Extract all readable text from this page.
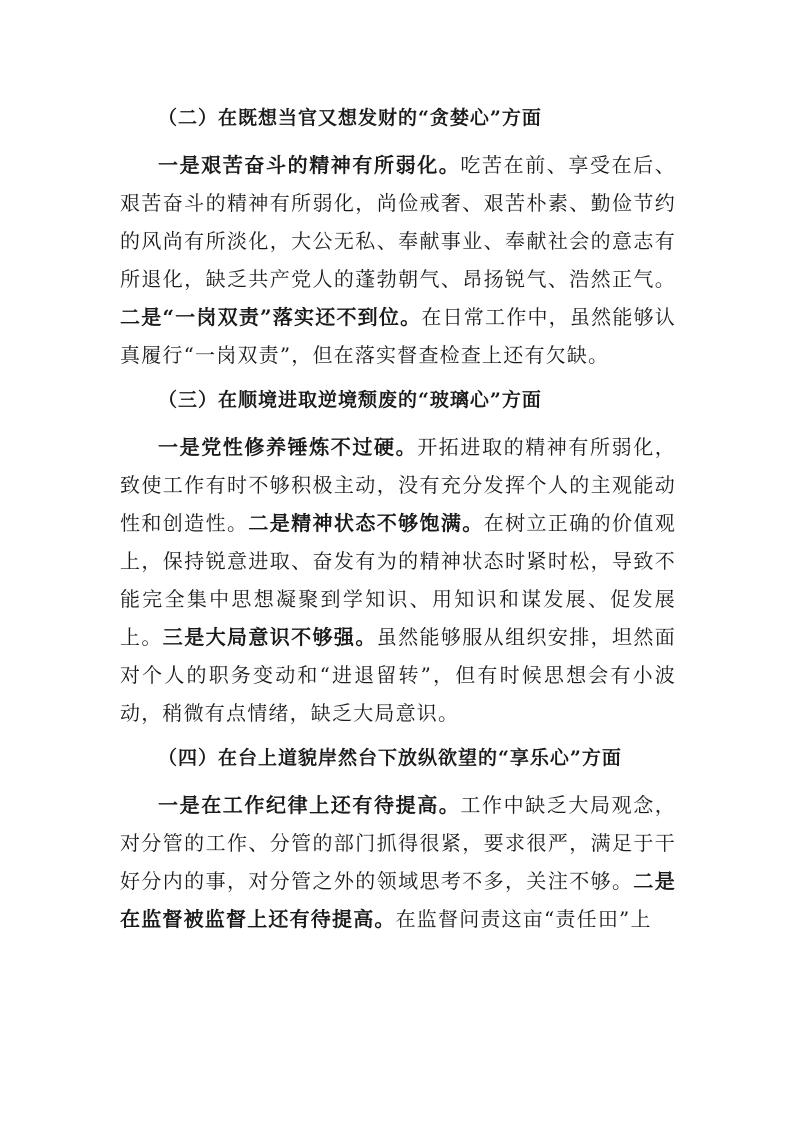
（二）在既想当官又想发财的“贪婪心”方面

一是艰苦奋斗的精神有所弱化。吃苦在前、享受在后、艰苦奋斗的精神有所弱化，尚俭戒奢、艰苦朴素、勤俭节约的风尚有所淡化，大公无私、奉献事业、奉献社会的意志有所退化，缺乏共产党人的蓬勃朝气、昂扬锐气、浩然正气。二是“一岗双责”落实还不到位。在日常工作中，虽然能够认真履行“一岗双责”，但在落实督查检查上还有欠缺。

（三）在顺境进取逆境颓废的“玻璃心”方面

一是党性修养锤炼不过硬。开拓进取的精神有所弱化，致使工作有时不够积极主动，没有充分发挥个人的主观能动性和创造性。二是精神状态不够饱满。在树立正确的价值观上，保持锐意进取、奋发有为的精神状态时紧时松，导致不能完全集中思想凝聚到学知识、用知识和谋发展、促发展上。三是大局意识不够强。虽然能够服从组织安排，坦然面对个人的职务变动和“进退留转”，但有时候思想会有小波动，稍微有点情绪，缺乏大局意识。

（四）在台上道貌岸然台下放纵欲望的“享乐心”方面

一是在工作纪律上还有待提高。工作中缺乏大局观念，对分管的工作、分管的部门抓得很紧，要求很严，满足于干好分内的事，对分管之外的领域思考不多，关注不够。二是在监督被监督上还有待提高。在监督问责这亩“责任田”上
